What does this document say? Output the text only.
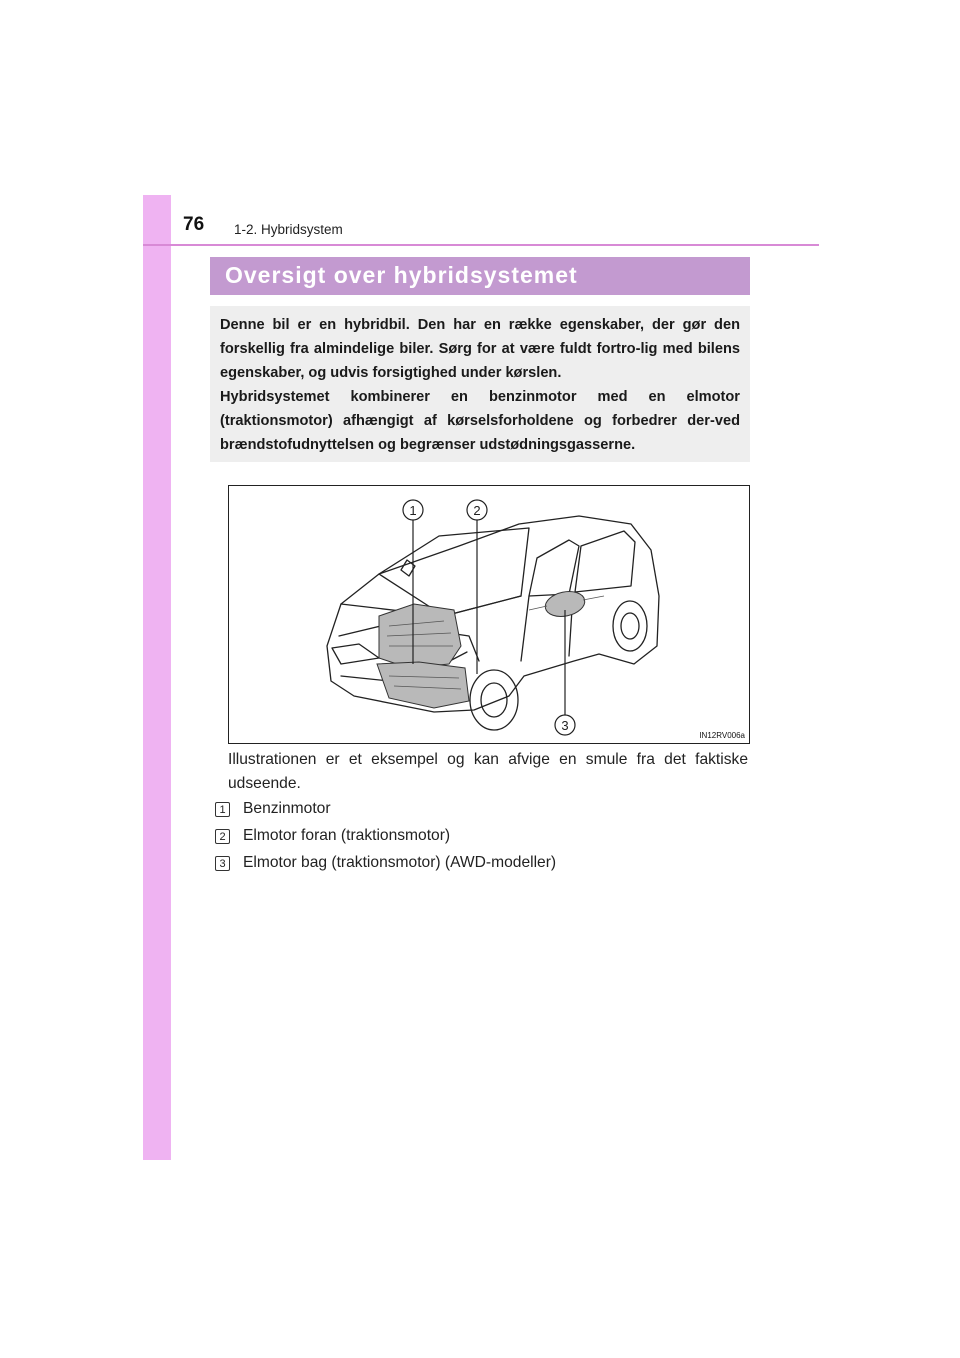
76 1-2. Hybridsystem
Oversigt over hybridsystemet

Denne bil er en hybridbil. Den har en række egenskaber, der gør den forskellig fra almindelige biler. Sørg for at være fuldt fortro-lig med bilens egenskaber, og udvis forsigtighed under kørslen.

Hybridsystemet kombinerer en benzinmotor med en elmotor (traktionsmotor) afhængigt af kørselsforholdene og forbedrer der-ved brændstofudnyttelsen og begrænser udstødningsgasserne.

1	2
3
IN12RV006a

Illustrationen er et eksempel og kan afvige en smule fra det faktiske udseende.

1 Benzinmotor
2 Elmotor foran (traktionsmotor)
3 Elmotor bag (traktionsmotor) (AWD-modeller)
